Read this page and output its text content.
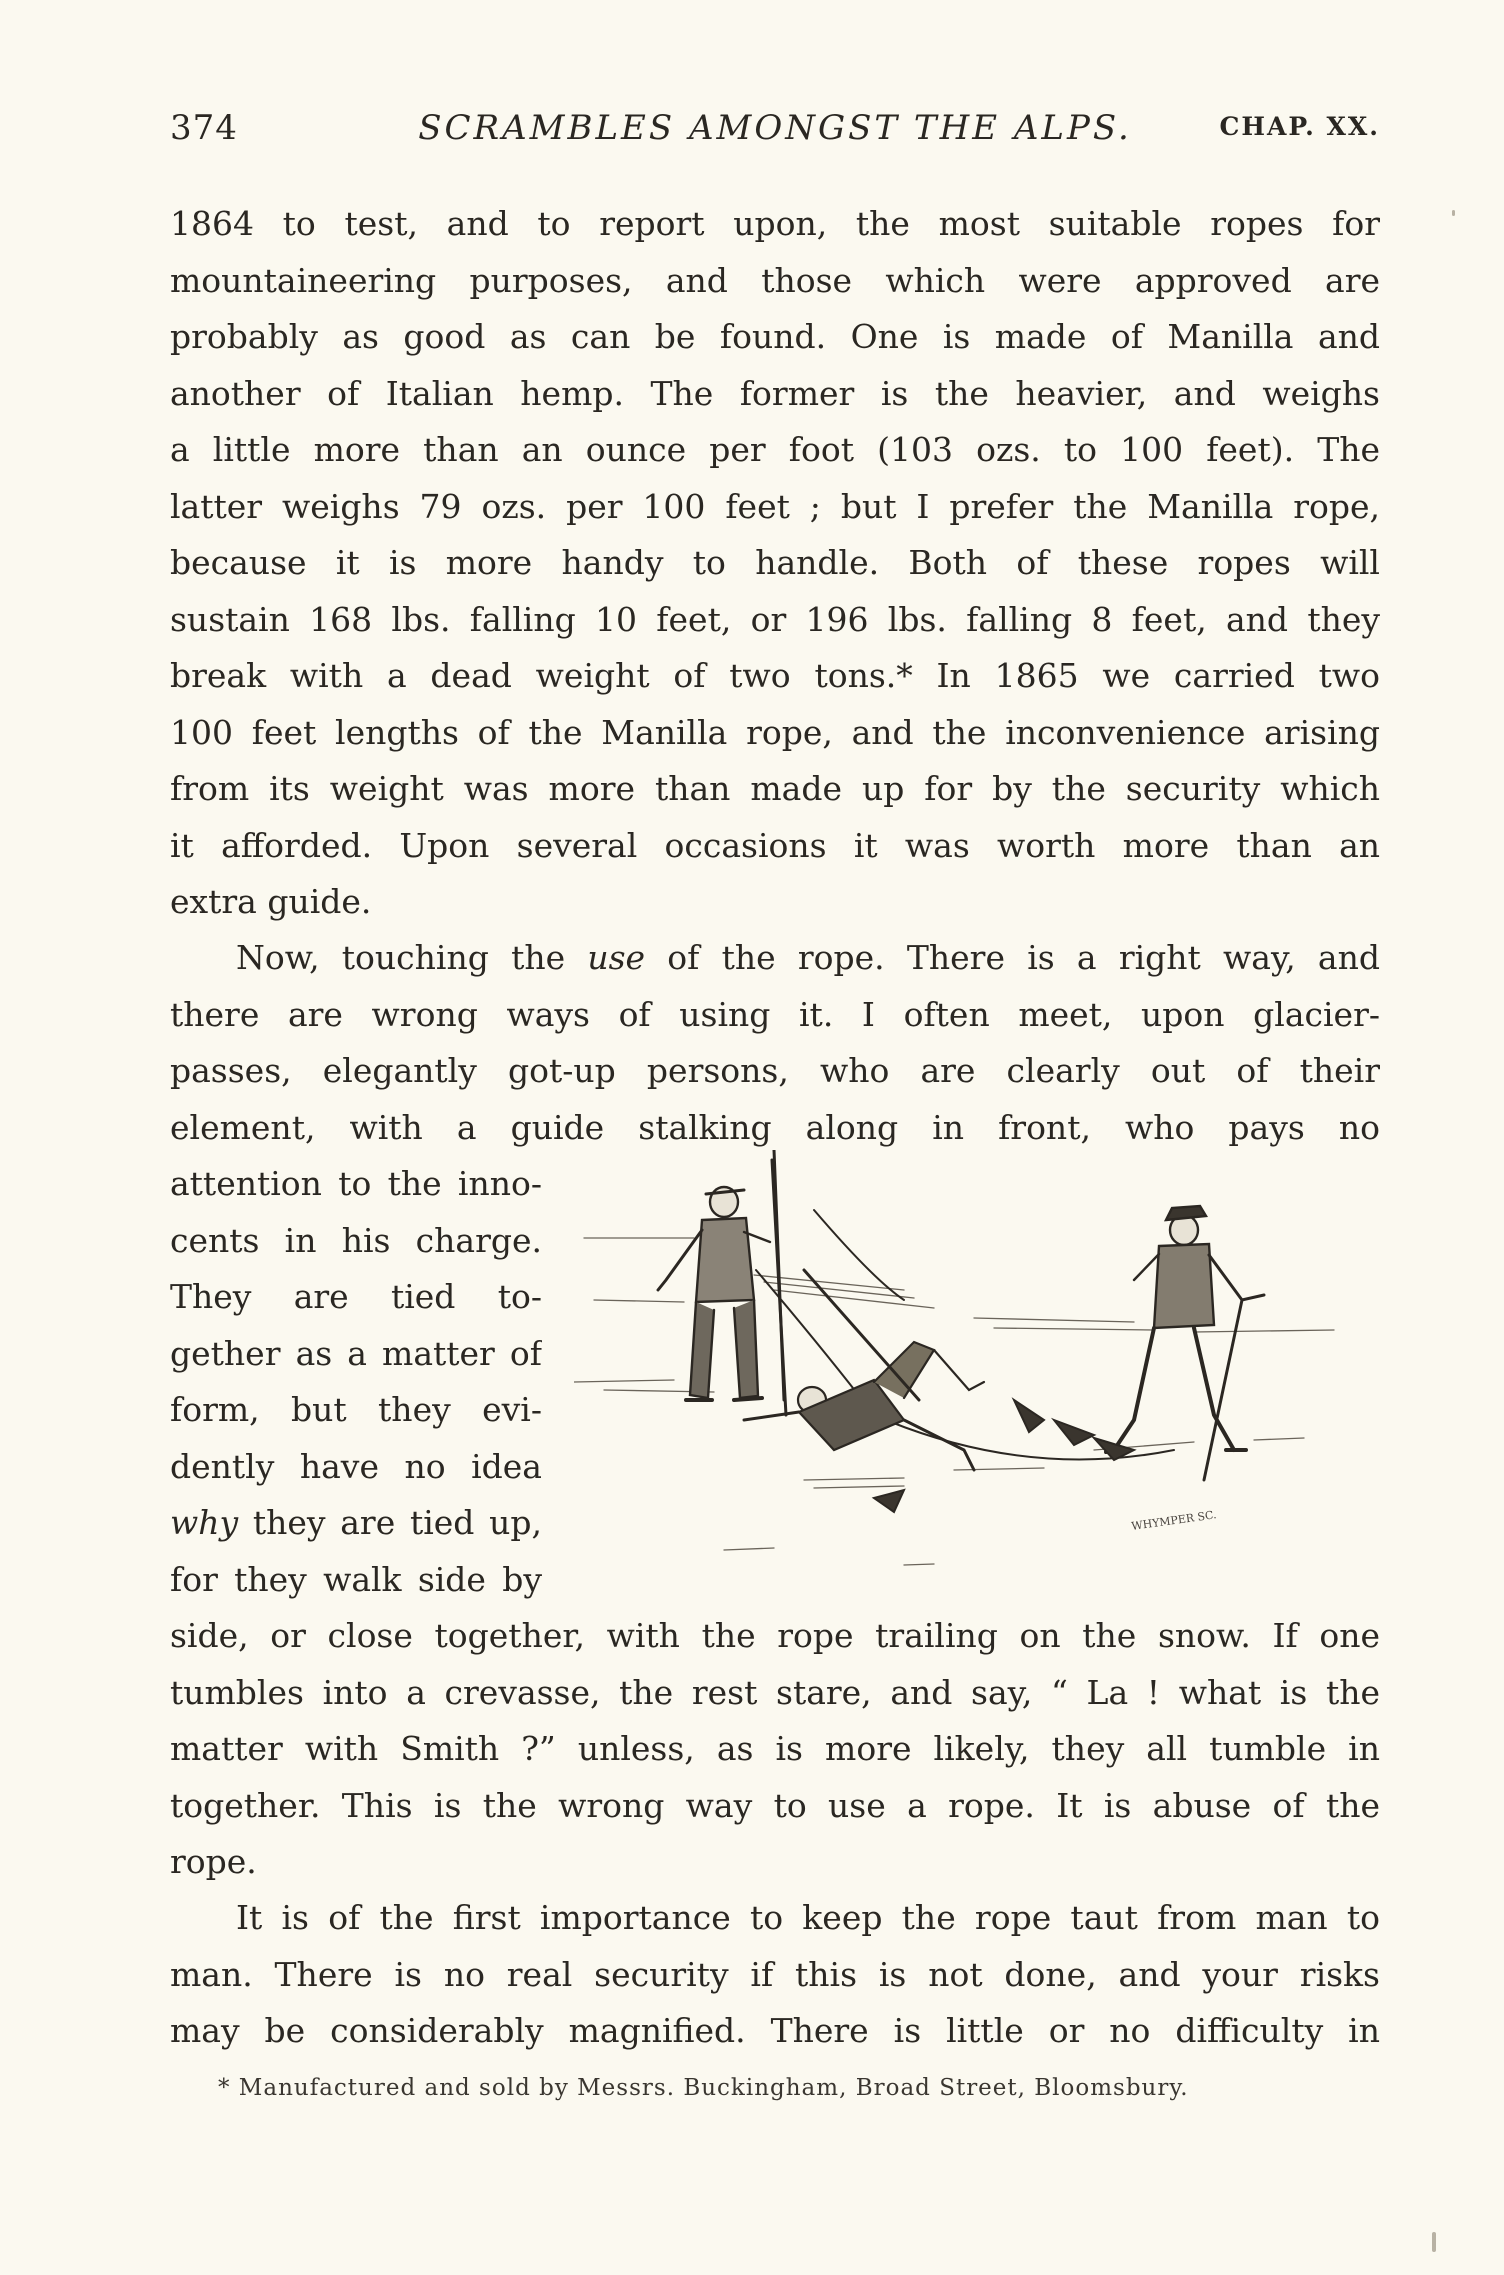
374	SCRAMBLES AMONGST THE ALPS.	CHAP. XX.
1864 to test, and to report upon, the most suitable ropes for
mountaineering purposes, and those which were approved are
probably as good as can be found. One is made of Manilla and
another of Italian hemp. The former is the heavier, and weighs
a little more than an ounce per foot (103 ozs. to 100 feet). The
latter weighs 79 ozs. per 100 feet ; but I prefer the Manilla rope,
because it is more handy to handle. Both of these ropes will
sustain 168 lbs. falling 10 feet, or 196 lbs. falling 8 feet, and they
break with a dead weight of two tons.* In 1865 we carried two
100 feet lengths of the Manilla rope, and the inconvenience arising
from its weight was more than made up for by the security which
it afforded. Upon several occasions it was worth more than an
extra guide.
Now, touching the use of the rope. There is a right way, and
there are wrong ways of using it. I often meet, upon glacier-
passes, elegantly got-up persons, who are clearly out of their
element, with a guide stalking along in front, who pays no
attention to the inno-
cents in his charge.
They are tied to-
gether as a matter of
form, but they evi-
dently have no idea
why they are tied up,
for they walk side by
WHYMPER SC.
side, or close together, with the rope trailing on the snow. If one
tumbles into a crevasse, the rest stare, and say, “ La ! what is the
matter with Smith ?” unless, as is more likely, they all tumble in
together. This is the wrong way to use a rope. It is abuse of the
rope.
It is of the first importance to keep the rope taut from man to
man. There is no real security if this is not done, and your risks
may be considerably magnified. There is little or no difficulty in
* Manufactured and sold by Messrs. Buckingham, Broad Street, Bloomsbury.
